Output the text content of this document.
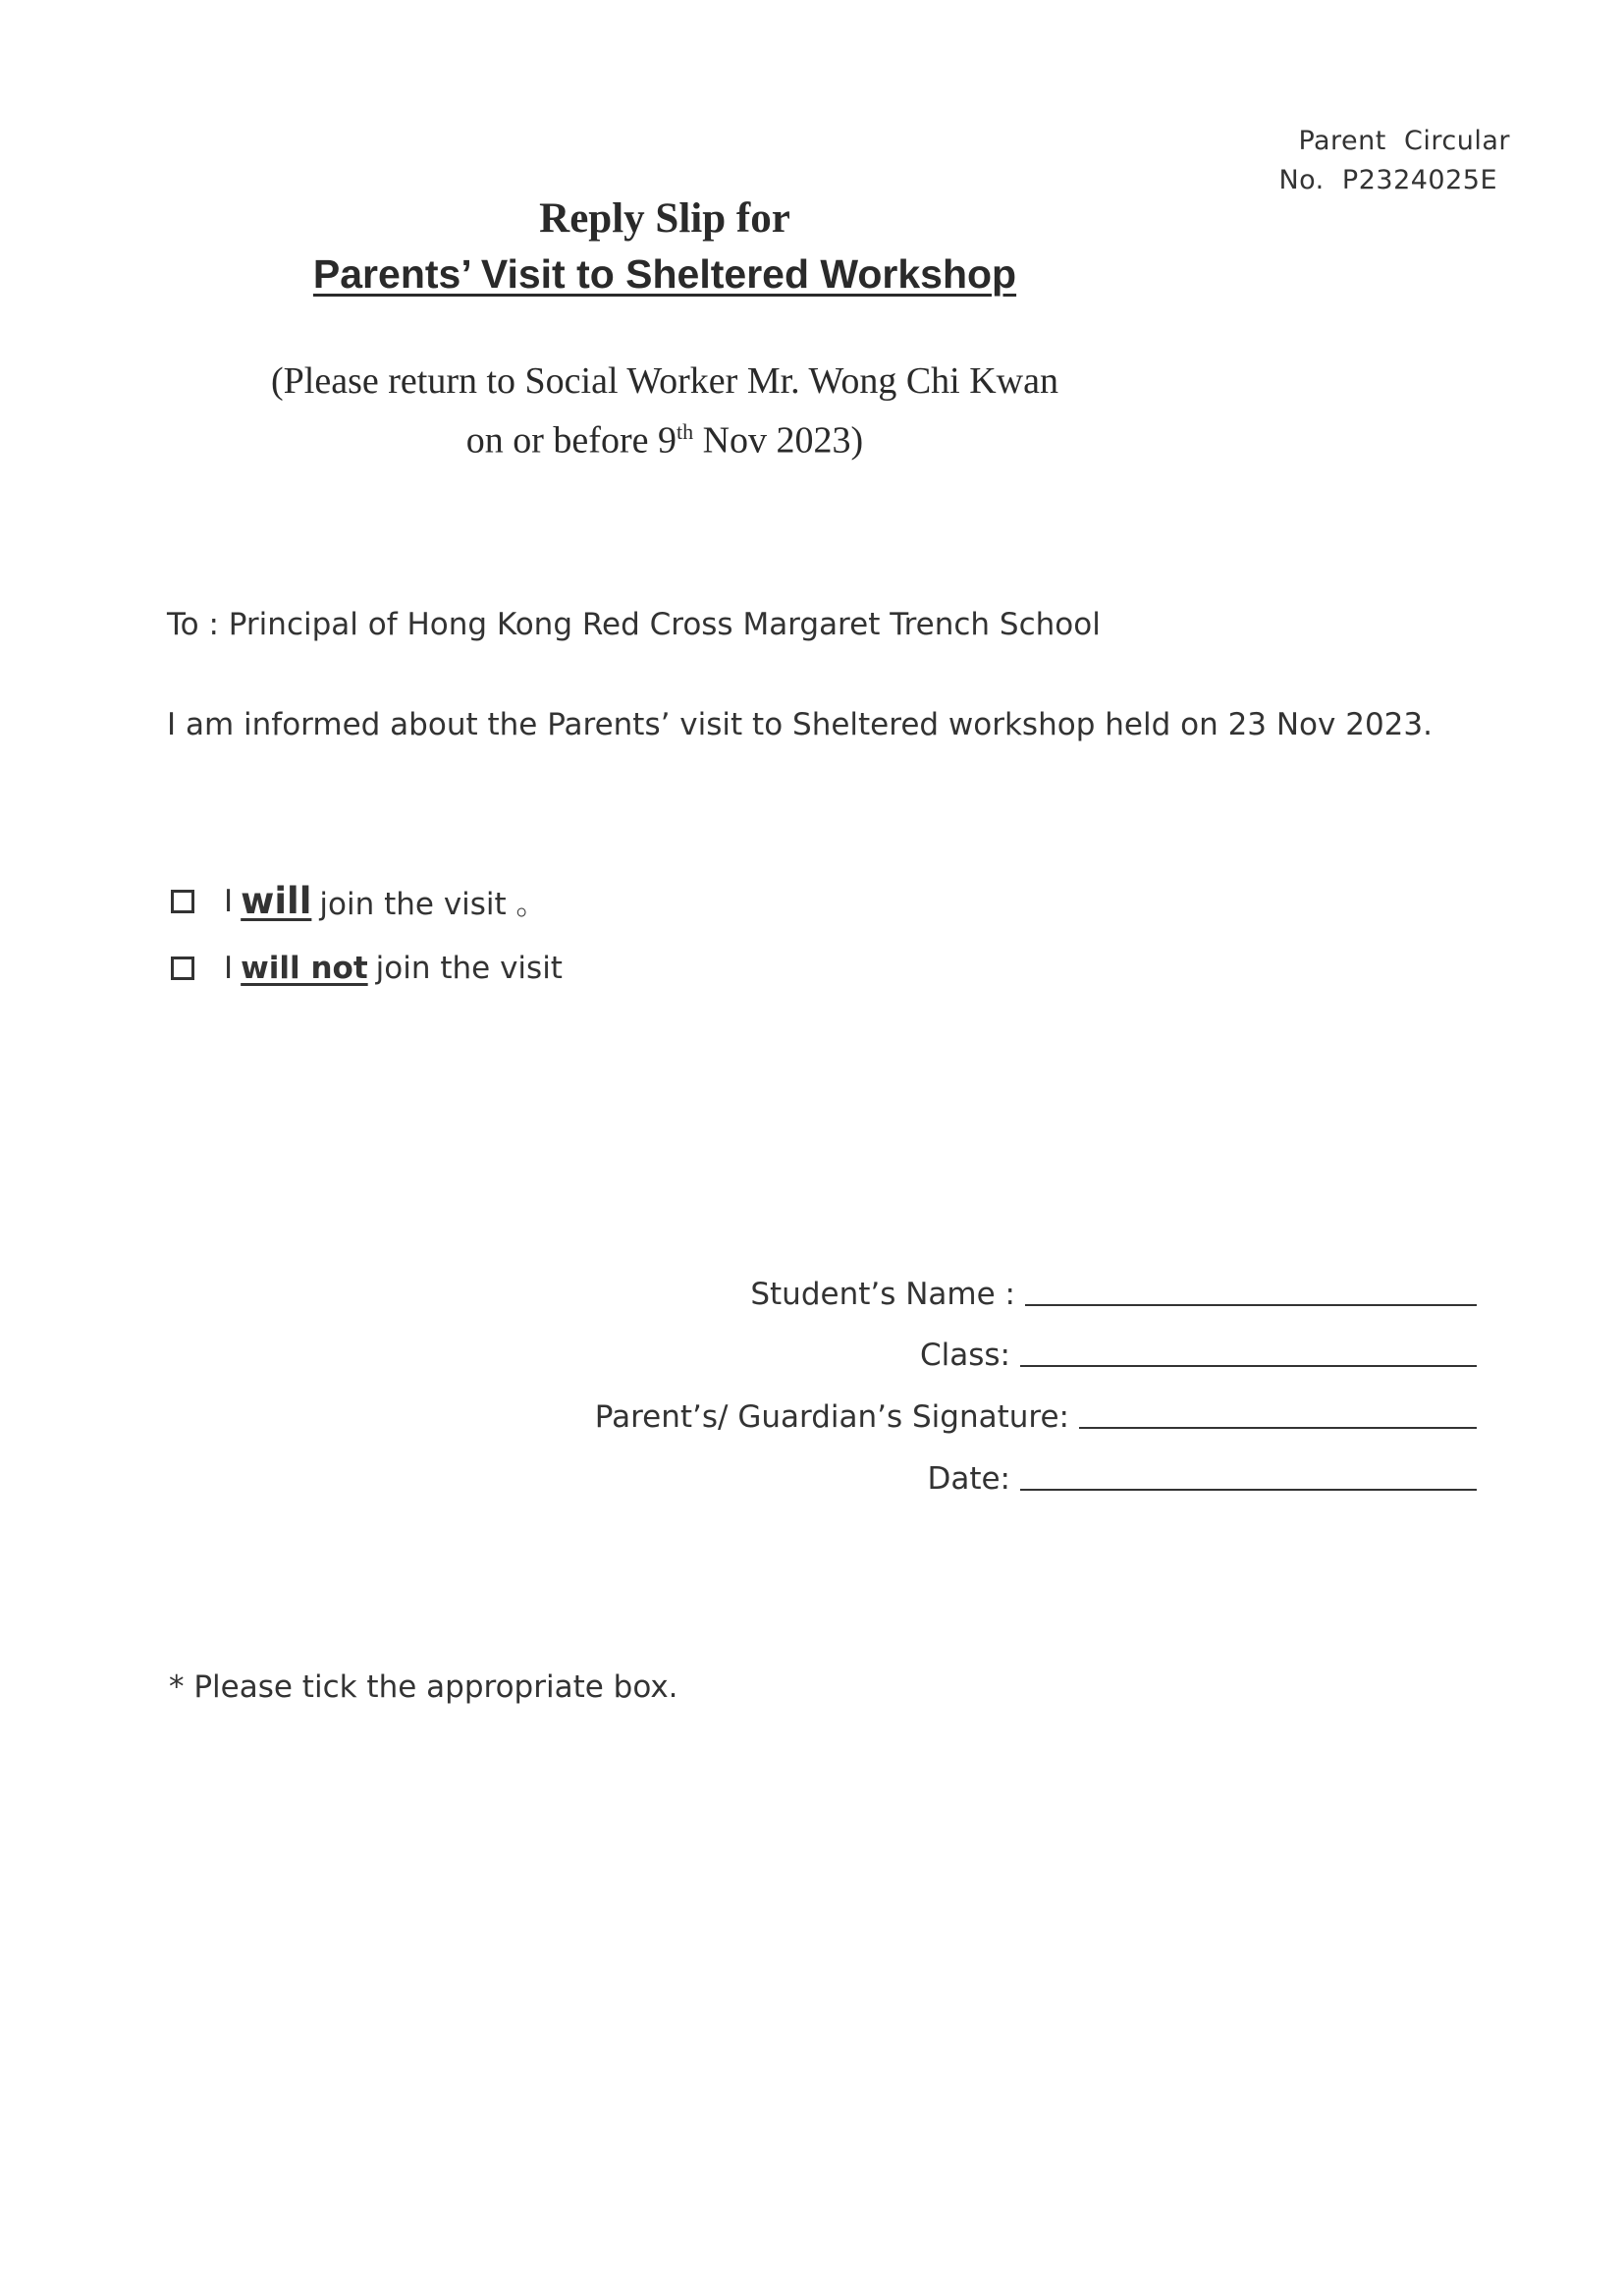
Parent  Circular
No.  P2324025E
Reply Slip for
Parents’ Visit to Sheltered Workshop
(Please return to Social Worker Mr. Wong Chi Kwan
on or before 9th Nov 2023)
To : Principal of Hong Kong Red Cross Margaret Trench School
I am informed about the Parents’ visit to Sheltered workshop held on 23 Nov 2023.
I will join the visit 。
I will not join the visit
Student’s Name :
Class:
Parent’s/ Guardian’s Signature:
Date:
* Please tick the appropriate box.
